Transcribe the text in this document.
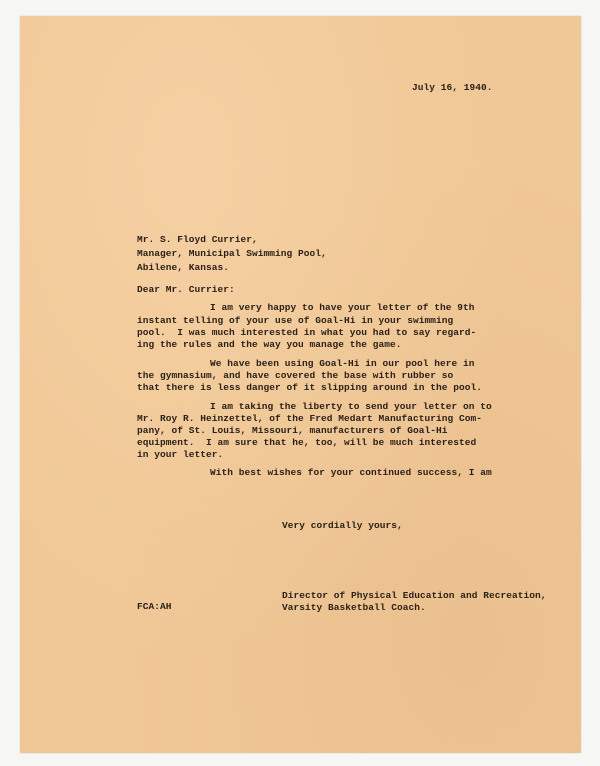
July 16, 1940.

Mr. S. Floyd Currier,

Manager, Municipal Swimming Pool,

Abilene, Kansas.

Dear Mr. Currier:

I am very happy to have your letter of the 9th

instant telling of your use of Goal-Hi in your swimming

pool.  I was much interested in what you had to say regard-

ing the rules and the way you manage the game.

We have been using Goal-Hi in our pool here in

the gymnasium, and have covered the base with rubber so

that there is less danger of it slipping around in the pool.

I am taking the liberty to send your letter on to

Mr. Roy R. Heinzettel, of the Fred Medart Manufacturing Com-

pany, of St. Louis, Missouri, manufacturers of Goal-Hi

equipment.  I am sure that he, too, will be much interested

in your letter.

With best wishes for your continued success, I am

Very cordially yours,

Director of Physical Education and Recreation,

Varsity Basketball Coach.

FCA:AH
